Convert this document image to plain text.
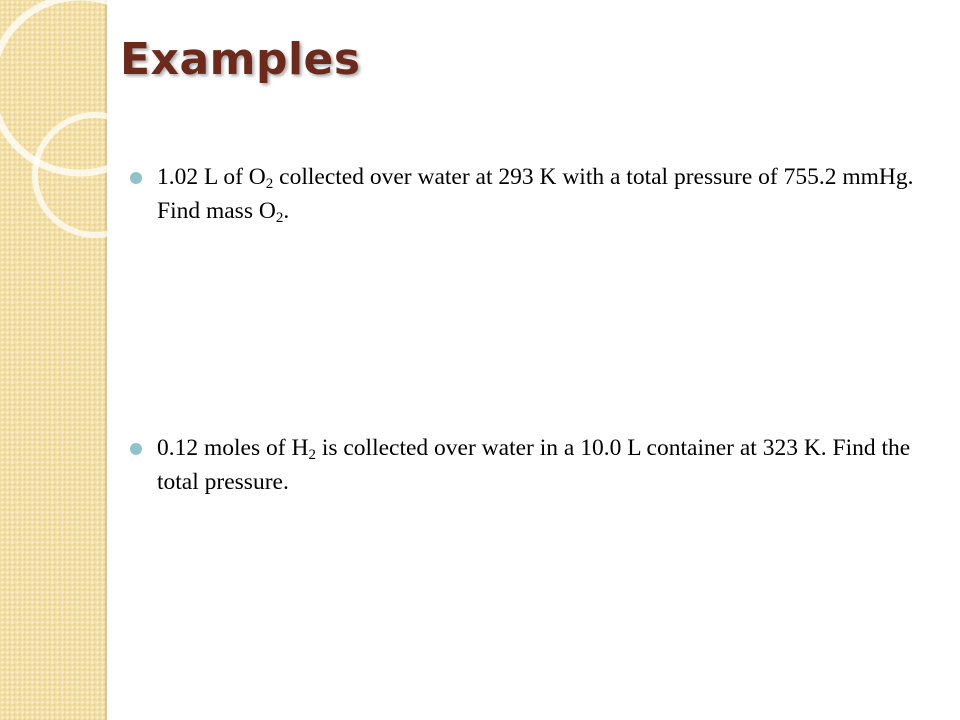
Examples
1.02 L of $O_2$ collected over water at 293 K with a total pressure of 755.2 mmHg. Find mass $O_2$.
0.12 moles of $H_2$ is collected over water in a 10.0 L container at 323 K. Find the total pressure.
